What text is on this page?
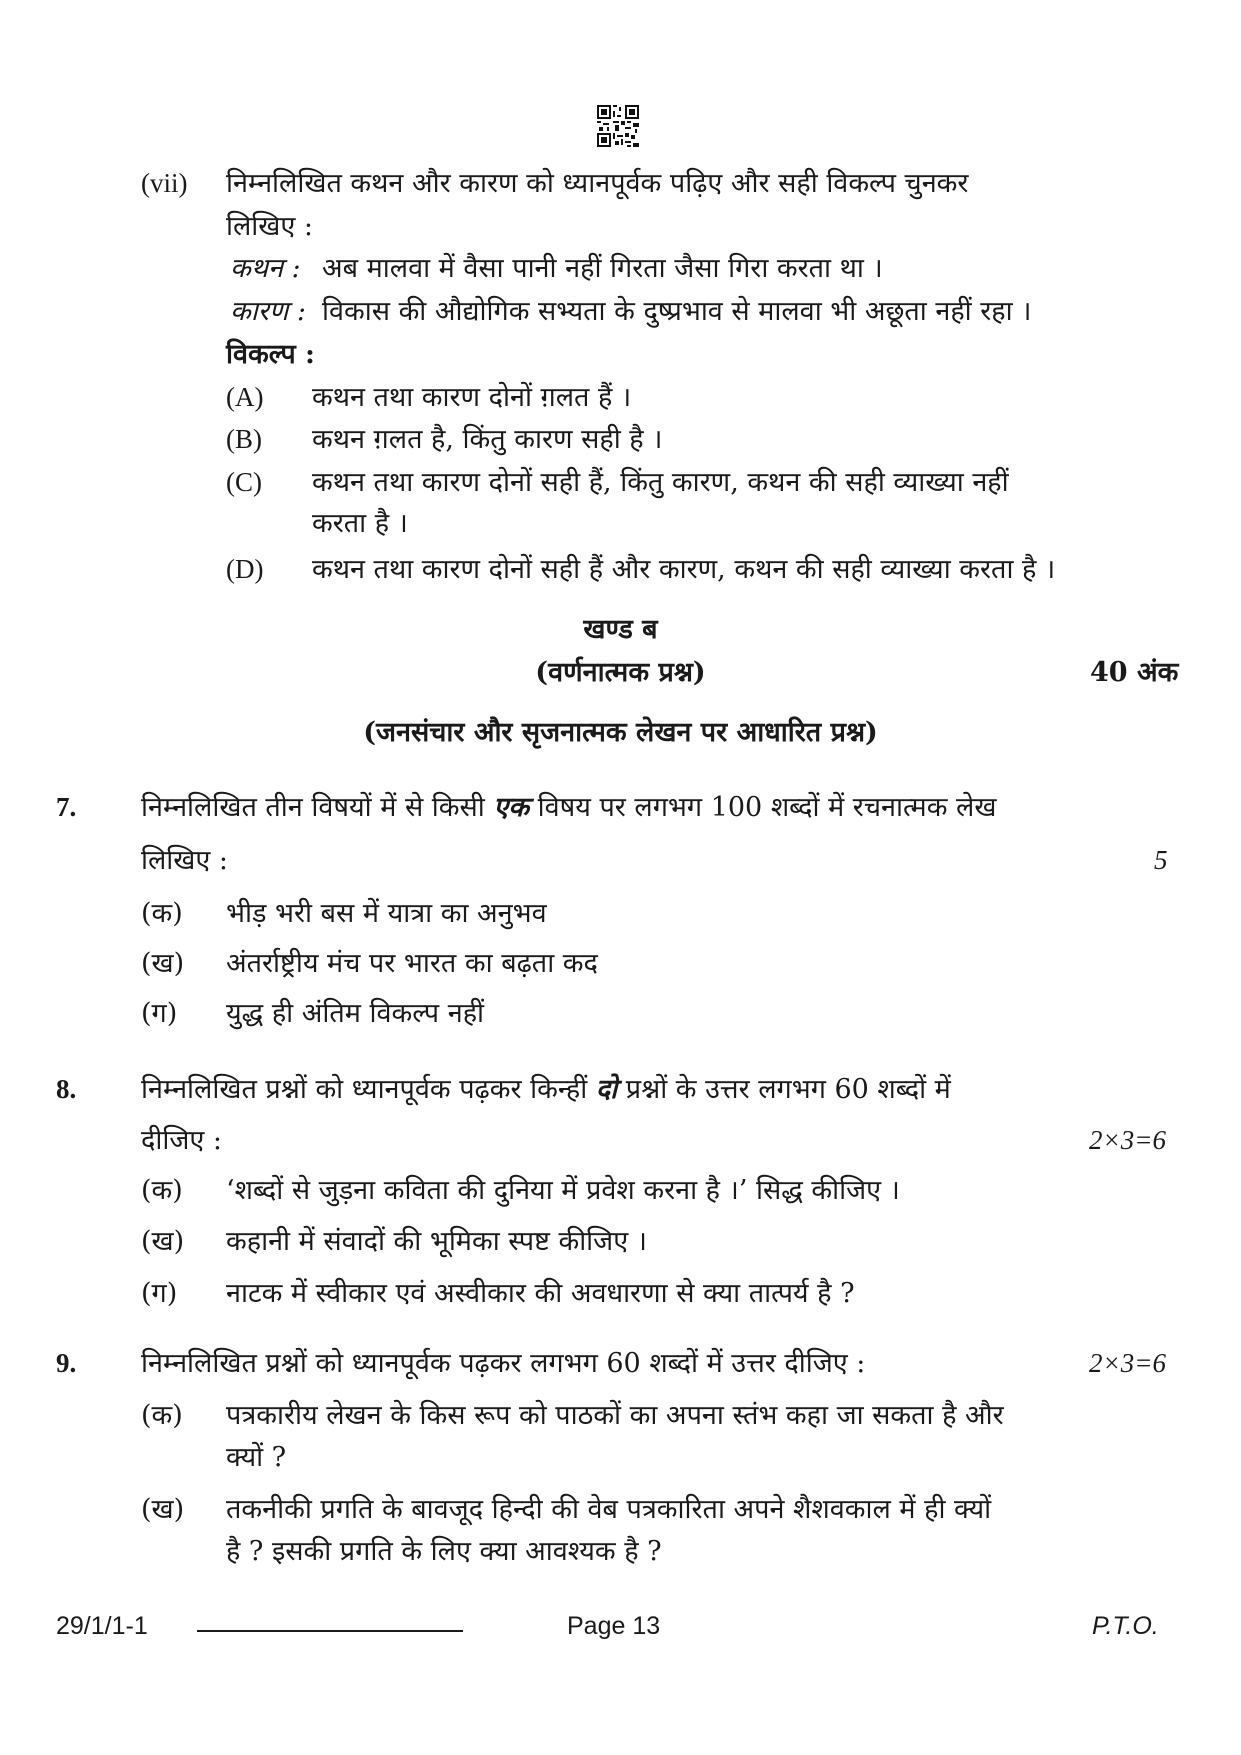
(vii) निम्नलिखित कथन और कारण को ध्यानपूर्वक पढ़िए और सही विकल्प चुनकर
लिखिए :
कथन : अब मालवा में वैसा पानी नहीं गिरता जैसा गिरा करता था ।
कारण : विकास की औद्योगिक सभ्यता के दुष्प्रभाव से मालवा भी अछूता नहीं रहा ।
विकल्प :
(A) कथन तथा कारण दोनों ग़लत हैं ।
(B) कथन ग़लत है, किंतु कारण सही है ।
(C) कथन तथा कारण दोनों सही हैं, किंतु कारण, कथन की सही व्याख्या नहीं
करता है ।
(D) कथन तथा कारण दोनों सही हैं और कारण, कथन की सही व्याख्या करता है ।
खण्ड ब
(वर्णनात्मक प्रश्न)	40 अंक
(जनसंचार और सृजनात्मक लेखन पर आधारित प्रश्न)
7. निम्नलिखित तीन विषयों में से किसी एक विषय पर लगभग 100 शब्दों में रचनात्मक लेख
लिखिए :	5
(क) भीड़ भरी बस में यात्रा का अनुभव
(ख) अंतर्राष्ट्रीय मंच पर भारत का बढ़ता कद
(ग) युद्ध ही अंतिम विकल्प नहीं
8. निम्नलिखित प्रश्नों को ध्यानपूर्वक पढ़कर किन्हीं दो प्रश्नों के उत्तर लगभग 60 शब्दों में
दीजिए :	2×3=6
(क) ‘शब्दों से जुड़ना कविता की दुनिया में प्रवेश करना है ।’ सिद्ध कीजिए ।
(ख) कहानी में संवादों की भूमिका स्पष्ट कीजिए ।
(ग) नाटक में स्वीकार एवं अस्वीकार की अवधारणा से क्या तात्पर्य है ?
9. निम्नलिखित प्रश्नों को ध्यानपूर्वक पढ़कर लगभग 60 शब्दों में उत्तर दीजिए :	2×3=6
(क) पत्रकारीय लेखन के किस रूप को पाठकों का अपना स्तंभ कहा जा सकता है और
क्यों ?
(ख) तकनीकी प्रगति के बावजूद हिन्दी की वेब पत्रकारिता अपने शैशवकाल में ही क्यों
है ? इसकी प्रगति के लिए क्या आवश्यक है ?
29/1/1-1	Page 13	P.T.O.
